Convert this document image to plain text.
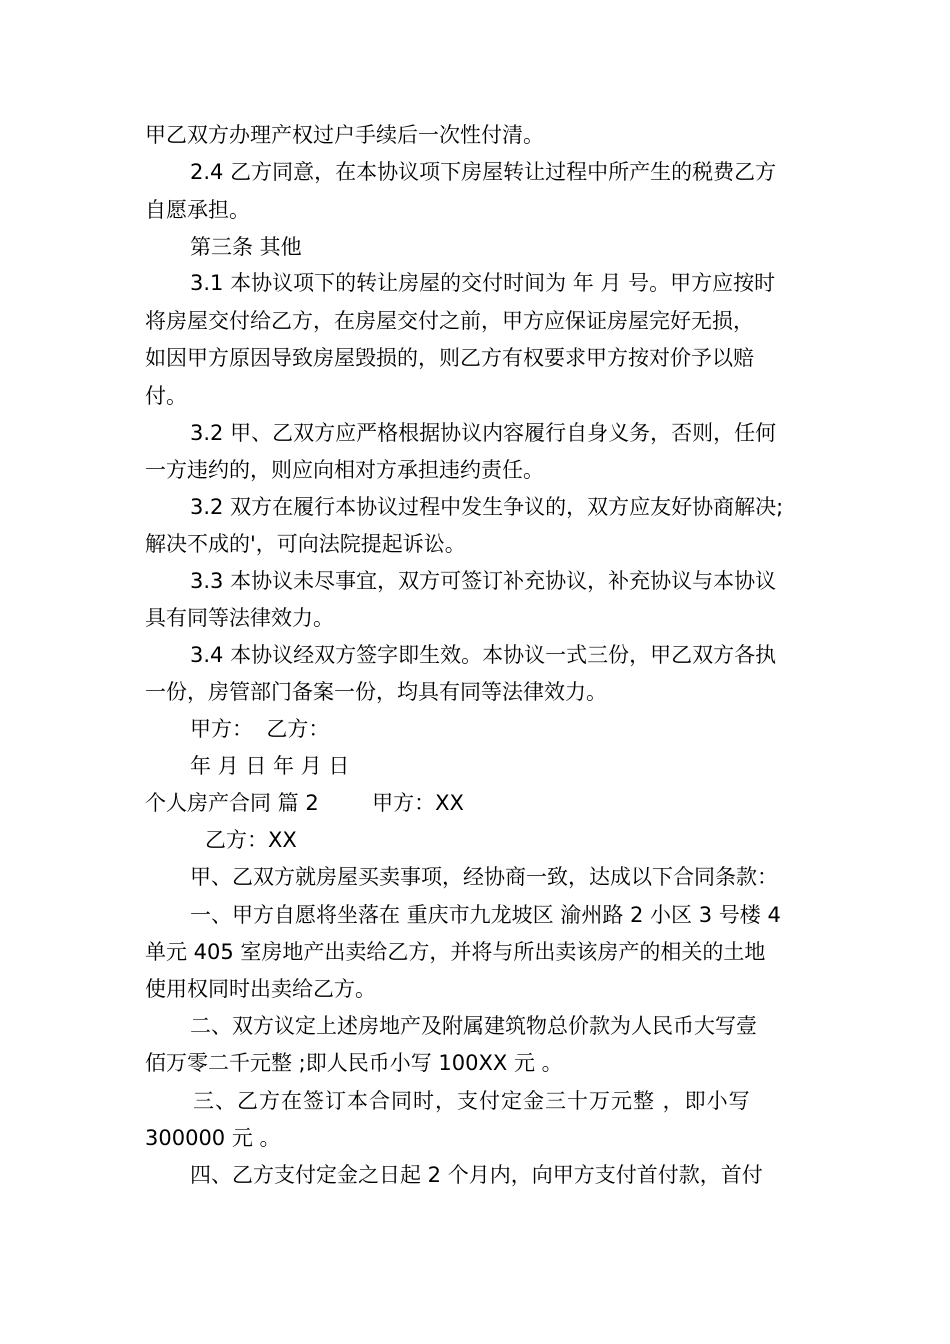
甲乙双方办理产权过户手续后一次性付清。

2.4 乙方同意，在本协议项下房屋转让过程中所产生的税费乙方

自愿承担。

第三条 其他

3.1 本协议项下的转让房屋的交付时间为 年 月 号。甲方应按时

将房屋交付给乙方，在房屋交付之前，甲方应保证房屋完好无损，

如因甲方原因导致房屋毁损的，则乙方有权要求甲方按对价予以赔

付。

3.2 甲、乙双方应严格根据协议内容履行自身义务，否则，任何

一方违约的，则应向相对方承担违约责任。

3.2 双方在履行本协议过程中发生争议的，双方应友好协商解决;

解决不成的'，可向法院提起诉讼。

3.3 本协议未尽事宜，双方可签订补充协议，补充协议与本协议

具有同等法律效力。

3.4 本协议经双方签字即生效。本协议一式三份，甲乙双方各执

一份，房管部门备案一份，均具有同等法律效力。

甲方：  乙方：

年 月 日 年 月 日

个人房产合同 篇 2        甲方：XX

乙方：XX

甲、乙双方就房屋买卖事项，经协商一致，达成以下合同条款：

一、甲方自愿将坐落在 重庆市九龙坡区 渝州路 2 小区 3 号楼 4

单元 405 室房地产出卖给乙方，并将与所出卖该房产的相关的土地

使用权同时出卖给乙方。

二、双方议定上述房地产及附属建筑物总价款为人民币大写壹

佰万零二千元整 ;即人民币小写 100XX 元 。

三、乙方在签订本合同时，支付定金三十万元整 ，即小写

300000 元 。

四、乙方支付定金之日起 2 个月内，向甲方支付首付款，首付
